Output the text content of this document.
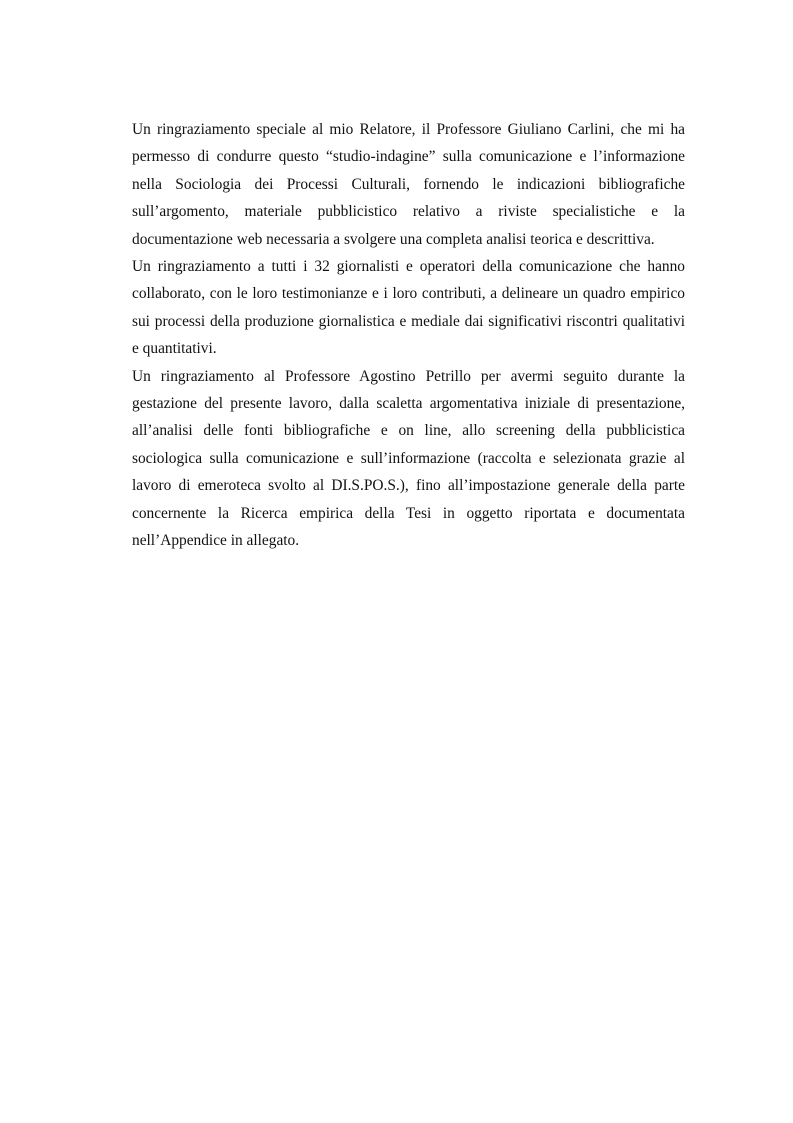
Un ringraziamento speciale al mio Relatore, il Professore Giuliano Carlini, che mi ha permesso di condurre questo “studio-indagine” sulla comunicazione e l’informazione nella Sociologia dei Processi Culturali, fornendo le indicazioni bibliografiche sull’argomento, materiale pubblicistico relativo a riviste specialistiche e la documentazione web necessaria a svolgere una completa analisi teorica e descrittiva.

Un ringraziamento a tutti i 32 giornalisti e operatori della comunicazione che hanno collaborato, con le loro testimonianze e i loro contributi, a delineare un quadro empirico sui processi della produzione giornalistica e mediale dai significativi riscontri qualitativi e quantitativi.

Un ringraziamento al Professore Agostino Petrillo per avermi seguito durante la gestazione del presente lavoro, dalla scaletta argomentativa iniziale di presentazione, all’analisi delle fonti bibliografiche e on line, allo screening della pubblicistica sociologica sulla comunicazione e sull’informazione (raccolta e selezionata grazie al lavoro di emeroteca svolto al DI.S.PO.S.), fino all’impostazione generale della parte concernente la Ricerca empirica della Tesi in oggetto riportata e documentata nell’Appendice in allegato.
